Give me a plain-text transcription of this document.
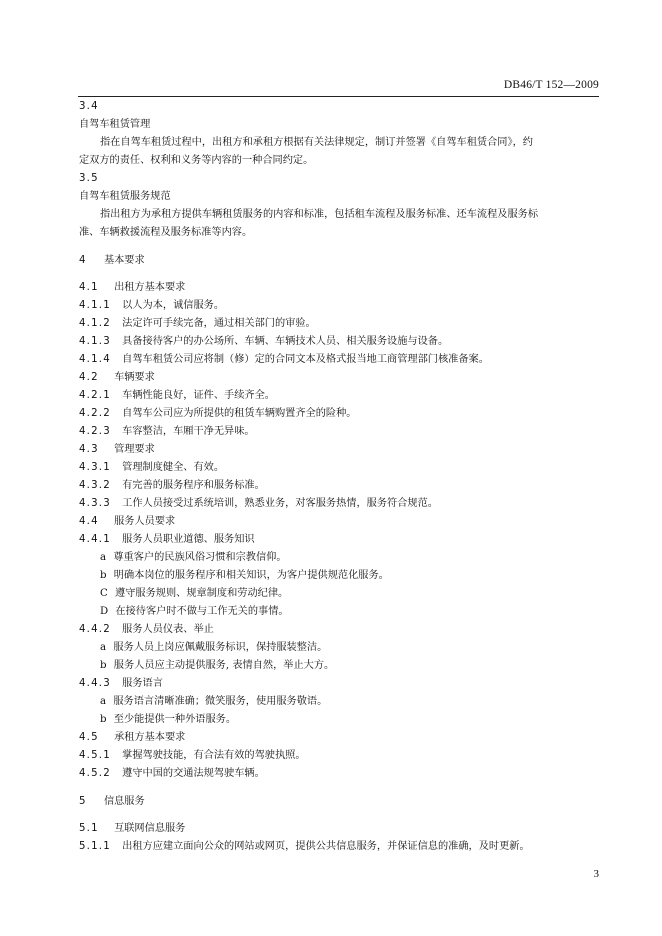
DB46/T 152—2009
3.4
自驾车租赁管理
指在自驾车租赁过程中，出租方和承租方根据有关法律规定，制订并签署《自驾车租赁合同》，约
定双方的责任、权利和义务等内容的一种合同约定。
3.5
自驾车租赁服务规范
指出租方为承租方提供车辆租赁服务的内容和标准，包括租车流程及服务标准、还车流程及服务标
准、车辆救援流程及服务标准等内容。
4 基本要求
4.1 出租方基本要求
4.1.1 以人为本，诚信服务。
4.1.2 法定许可手续完备，通过相关部门的审验。
4.1.3 具备接待客户的办公场所、车辆、车辆技术人员、相关服务设施与设备。
4.1.4 自驾车租赁公司应将制（修）定的合同文本及格式报当地工商管理部门核准备案。
4.2 车辆要求
4.2.1 车辆性能良好，证件、手续齐全。
4.2.2 自驾车公司应为所提供的租赁车辆购置齐全的险种。
4.2.3 车容整洁，车厢干净无异味。
4.3 管理要求
4.3.1 管理制度健全、有效。
4.3.2 有完善的服务程序和服务标准。
4.3.3 工作人员接受过系统培训，熟悉业务，对客服务热情，服务符合规范。
4.4 服务人员要求
4.4.1 服务人员职业道德、服务知识
a 尊重客户的民族风俗习惯和宗教信仰。
b 明确本岗位的服务程序和相关知识，为客户提供规范化服务。
C 遵守服务规则、规章制度和劳动纪律。
D 在接待客户时不做与工作无关的事情。
4.4.2 服务人员仪表、举止
a 服务人员上岗应佩戴服务标识，保持服装整洁。
b 服务人员应主动提供服务, 表情自然，举止大方。
4.4.3 服务语言
a 服务语言清晰准确；微笑服务，使用服务敬语。
b 至少能提供一种外语服务。
4.5 承租方基本要求
4.5.1 掌握驾驶技能，有合法有效的驾驶执照。
4.5.2 遵守中国的交通法规驾驶车辆。
5 信息服务
5.1 互联网信息服务
5.1.1 出租方应建立面向公众的网站或网页，提供公共信息服务，并保证信息的准确，及时更新。
3
